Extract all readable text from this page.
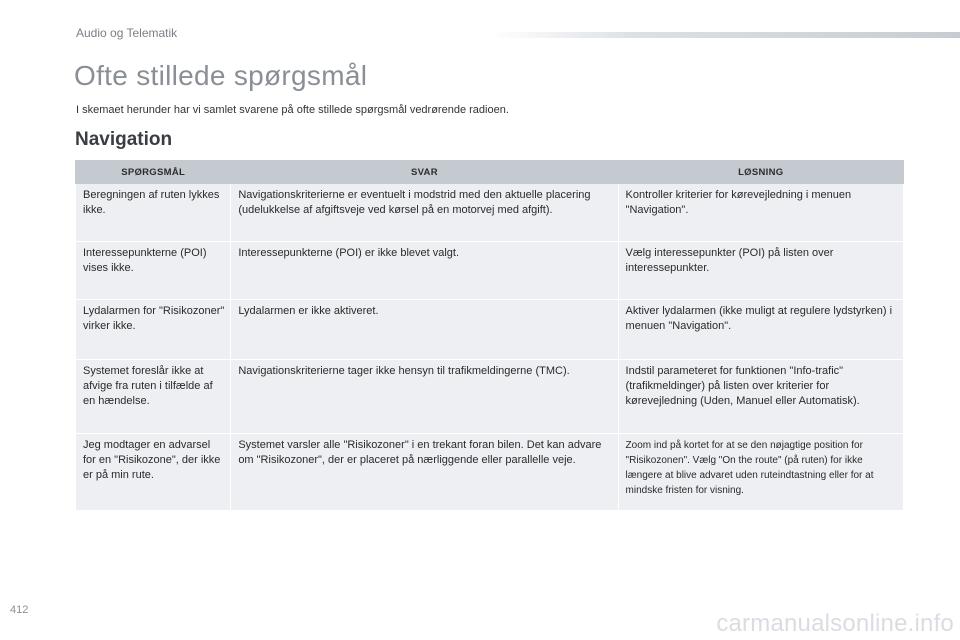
Audio og Telematik
Ofte stillede spørgsmål
I skemaet herunder har vi samlet svarene på ofte stillede spørgsmål vedrørende radioen.
Navigation
SPØRGSMÅL	SVAR	LØSNING
Beregningen af ruten lykkes ikke.	Navigationskriterierne er eventuelt i modstrid med den aktuelle placering (udelukkelse af afgiftsveje ved kørsel på en motorvej med afgift).	Kontroller kriterier for kørevejledning i menuen "Navigation".
Interessepunkterne (POI) vises ikke.	Interessepunkterne (POI) er ikke blevet valgt.	Vælg interessepunkter (POI) på listen over interessepunkter.
Lydalarmen for "Risikozoner" virker ikke.	Lydalarmen er ikke aktiveret.	Aktiver lydalarmen (ikke muligt at regulere lydstyrken) i menuen "Navigation".
Systemet foreslår ikke at afvige fra ruten i tilfælde af en hændelse.	Navigationskriterierne tager ikke hensyn til trafikmeldingerne (TMC).	Indstil parameteret for funktionen "Info-trafic" (trafikmeldinger) på listen over kriterier for kørevejledning (Uden, Manuel eller Automatisk).
Jeg modtager en advarsel for en "Risikozone", der ikke er på min rute.	Systemet varsler alle "Risikozoner" i en trekant foran bilen. Det kan advare om "Risikozoner", der er placeret på nærliggende eller parallelle veje.	Zoom ind på kortet for at se den nøjagtige position for "Risikozonen". Vælg "On the route" (på ruten) for ikke længere at blive advaret uden ruteindtastning eller for at mindske fristen for visning.
412	carmanualsonline.info
